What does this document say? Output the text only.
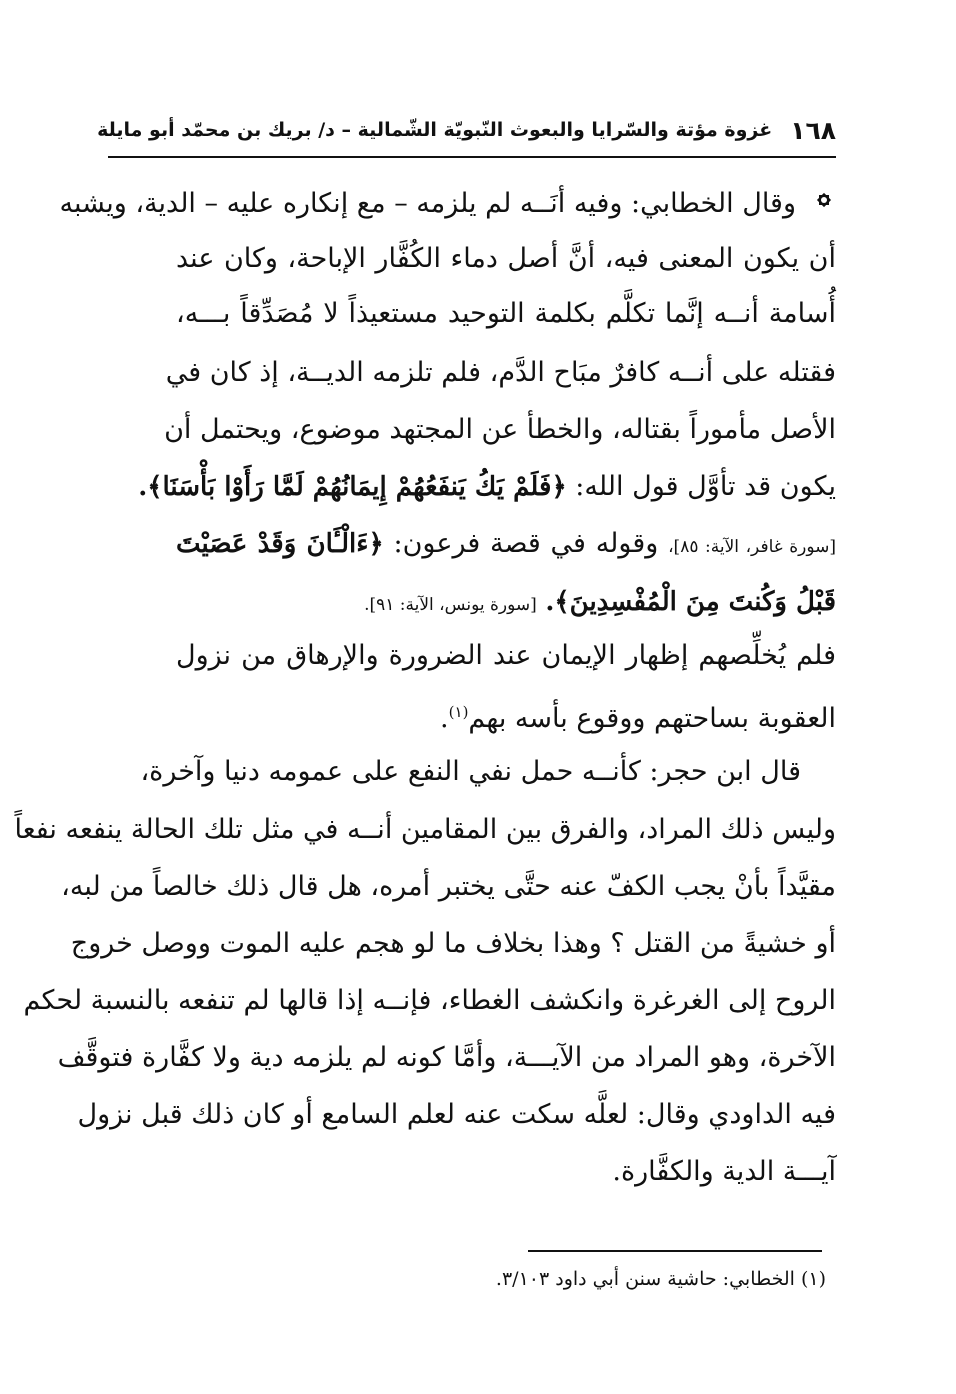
١٦٨
غزوة مؤتة والسّرايا والبعوث النّبويّة الشّمالية – د/ بريك بن محمّد أبو مايلة
وقال الخطابي: وفيه أنَــه لم يلزمه – مع إنكاره عليه – الدية، ويشبه
أن يكون المعنى فيه، أنَّ أصل دماء الكُفَّار الإباحة، وكان عند
أُسامة أنــه إنَّما تكلَّم بكلمة التوحيد مستعيذاً لا مُصَدِّقاً بـــه،
فقتله على أنــه كافرٌ مبَاح الدَّم، فلم تلزمه الديــة، إذ كان في
الأصل مأموراً بقتاله، والخطأ عن المجتهد موضوع، ويحتمل أن
يكون قد تأوَّل قول الله: ﴿فَلَمْ يَكُ يَنفَعُهُمْ إِيمَانُهُمْ لَمَّا رَأَوْا بَأْسَنَا﴾.
[سورة غافر، الآية: ٨٥]، وقوله في قصة فرعون: ﴿ءَالْـَٔانَ وَقَدْ عَصَيْتَ
قَبْلُ وَكُنتَ مِنَ الْمُفْسِدِينَ﴾. [سورة يونس، الآية: ٩١].
فلم يُخلِّصهم إظهار الإيمان عند الضرورة والإرهاق من نزول
العقوبة بساحتهم ووقوع بأسه بهم$^{(١)}$.
قال ابن حجر: كأنــه حمل نفي النفع على عمومه دنيا وآخرة،
وليس ذلك المراد، والفرق بين المقامين أنــه في مثل تلك الحالة ينفعه نفعاً
مقيَّداً بأنْ يجب الكفّ عنه حتَّى يختبر أمره، هل قال ذلك خالصاً من لبه،
أو خشيةً من القتل ؟ وهذا بخلاف ما لو هجم عليه الموت ووصل خروج
الروح إلى الغرغرة وانكشف الغطاء، فإنــه إذا قالها لم تنفعه بالنسبة لحكم
الآخرة، وهو المراد من الآيـــة، وأمَّا كونه لم يلزمه دية ولا كفَّارة فتوقَّف
فيه الداودي وقال: لعلَّه سكت عنه لعلم السامع أو كان ذلك قبل نزول
آيـــة الدية والكفَّارة.
(١) الخطابي: حاشية سنن أبي داود ٣/١٠٣.
